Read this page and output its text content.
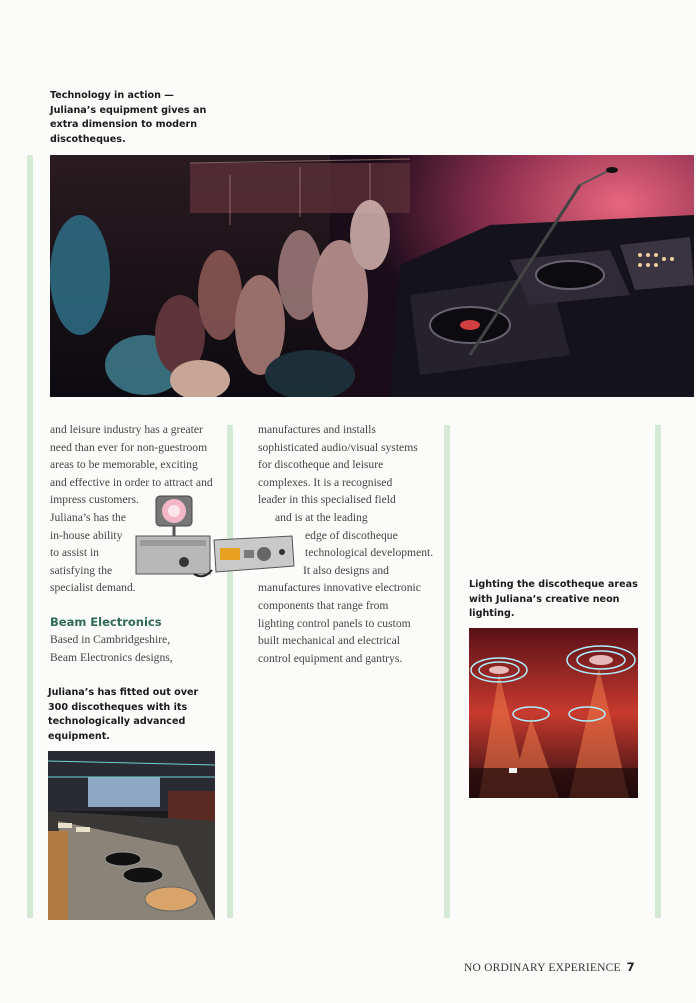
Technology in action —
Juliana’s equipment gives an
extra dimension to modern
discotheques.
and leisure industry has a greater
need than ever for non-guestroom
areas to be memorable, exciting
and effective in order to attract and
impress customers.
Juliana’s has the
in-house ability
to assist in
satisfying the
specialist demand.
Beam Electronics
Based in Cambridgeshire,
Beam Electronics designs,
Juliana’s has fitted out over
300 discotheques with its
technologically advanced
equipment.
manufactures and installs
sophisticated audio/visual systems
for discotheque and leisure
complexes. It is a recognised
leader in this specialised field
and is at the leading
edge of discotheque
technological development.
It also designs and
manufactures innovative electronic
components that range from
lighting control panels to custom
built mechanical and electrical
control equipment and gantrys.
Lighting the discotheque areas
with Juliana’s creative neon
lighting.
NO ORDINARY EXPERIENCE 7
